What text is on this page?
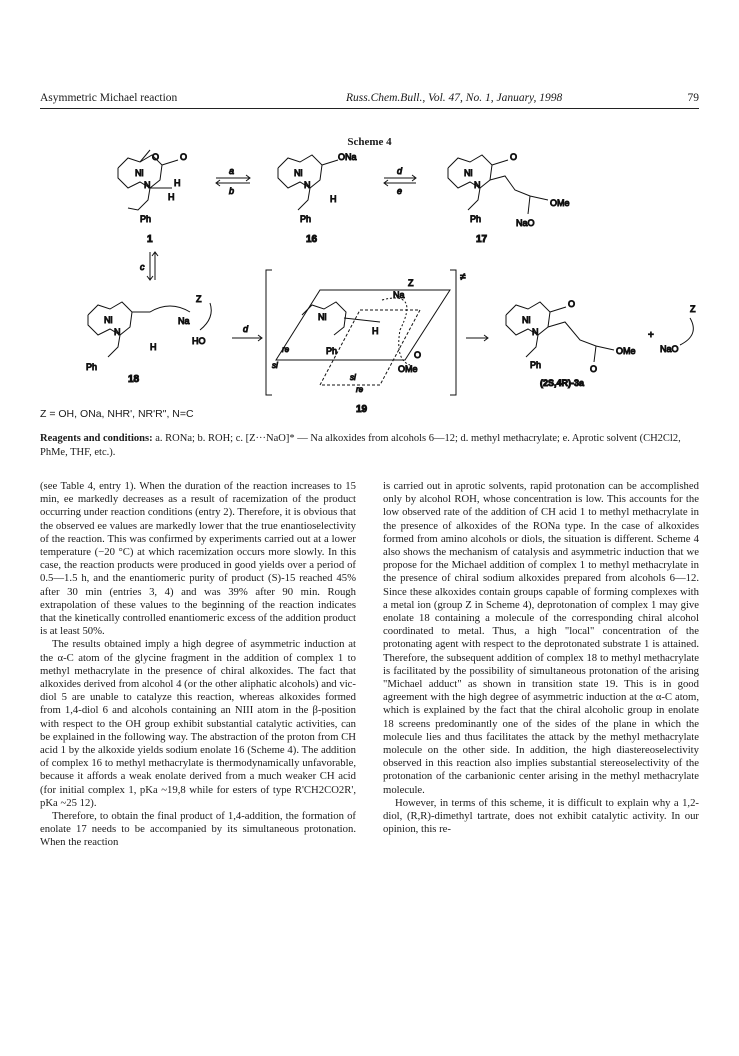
Asymmetric Michael reaction	Russ.Chem.Bull., Vol. 47, No. 1, January, 1998	79
Scheme 4
Ni
O O
N	H
H
Ph
1
a
b
Ni
ONa
N
H
Ph
16
d
e
Ni
O
N
OMe
NaO
Ph
17
c
Ni
N
Na
Z
HO
H
Ph
18
d
≠
Ni
Na
Z
H
O
OMe
Ph
re
si
si
re
19
Ni
O
N
OMe
O
Ph
(2S,4R)-3a
+
Z
NaO
Z = OH, ONa, NHR', NR'R", N=C
Reagents and conditions: a. RONa; b. ROH; c. [Z···NaO]* — Na alkoxides from alcohols 6—12; d. methyl methacrylate; e. Aprotic solvent (CH2Cl2, PhMe, THF, etc.).

(see Table 4, entry 1). When the duration of the reaction increases to 15 min, ee markedly decreases as a result of racemization of the product occurring under reaction conditions (entry 2). Therefore, it is obvious that the observed ee values are markedly lower that the true enantioselectivity of the reaction. This was confirmed by experiments carried out at a lower temperature (−20 °C) at which racemization occurs more slowly. In this case, the reaction products were produced in good yields over a period of 0.5—1.5 h, and the enantiomeric purity of product (S)-15 reached 45% after 30 min (entries 3, 4) and was 39% after 90 min. Rough extrapolation of these values to the beginning of the reaction indicates that the kinetically controlled enantiomeric excess of the addition product is at least 50%.

The results obtained imply a high degree of asymmetric induction at the α-C atom of the glycine fragment in the addition of complex 1 to methyl methacrylate in the presence of chiral alkoxides. The fact that alkoxides derived from alcohol 4 (or the other aliphatic alcohols) and vic-diol 5 are unable to catalyze this reaction, whereas alkoxides formed from 1,4-diol 6 and alcohols containing an NIII atom in the β-position with respect to the OH group exhibit substantial catalytic activities, can be explained in the following way. The abstraction of the proton from CH acid 1 by the alkoxide yields sodium enolate 16 (Scheme 4). The addition of complex 16 to methyl methacrylate is thermodynamically unfavorable, because it affords a weak enolate derived from a much weaker CH acid (for initial complex 1, pKa ~19,8 while for esters of type R'CH2CO2R', pKa ~25 12).

Therefore, to obtain the final product of 1,4-addition, the formation of enolate 17 needs to be accompanied by its simultaneous protonation. When the reaction

is carried out in aprotic solvents, rapid protonation can be accomplished only by alcohol ROH, whose concentration is low. This accounts for the low observed rate of the addition of CH acid 1 to methyl methacrylate in the presence of alkoxides of the RONa type. In the case of alkoxides formed from amino alcohols or diols, the situation is different. Scheme 4 also shows the mechanism of catalysis and asymmetric induction that we propose for the Michael addition of complex 1 to methyl methacrylate in the presence of chiral sodium alkoxides prepared from alcohols 6—12. Since these alkoxides contain groups capable of forming complexes with a metal ion (group Z in Scheme 4), deprotonation of complex 1 may give enolate 18 containing a molecule of the corresponding chiral alcohol coordinated to metal. Thus, a high "local" concentration of the protonating agent with respect to the deprotonated substrate 1 is attained. Therefore, the subsequent addition of complex 18 to methyl methacrylate is facilitated by the possibility of simultaneous protonation of the arising "Michael adduct" as shown in transition state 19. This is in good agreement with the high degree of asymmetric induction at the α-C atom, which is explained by the fact that the chiral alcoholic group in enolate 18 screens predominantly one of the sides of the plane in which the molecule lies and thus facilitates the attack by the methyl methacrylate molecule on the other side. In addition, the high diastereoselectivity observed in this reaction also implies substantial stereoselectivity of the protonation of the carbanionic center arising in the methyl methacrylate molecule.

However, in terms of this scheme, it is difficult to explain why a 1,2-diol, (R,R)-dimethyl tartrate, does not exhibit catalytic activity. In our opinion, this re-
